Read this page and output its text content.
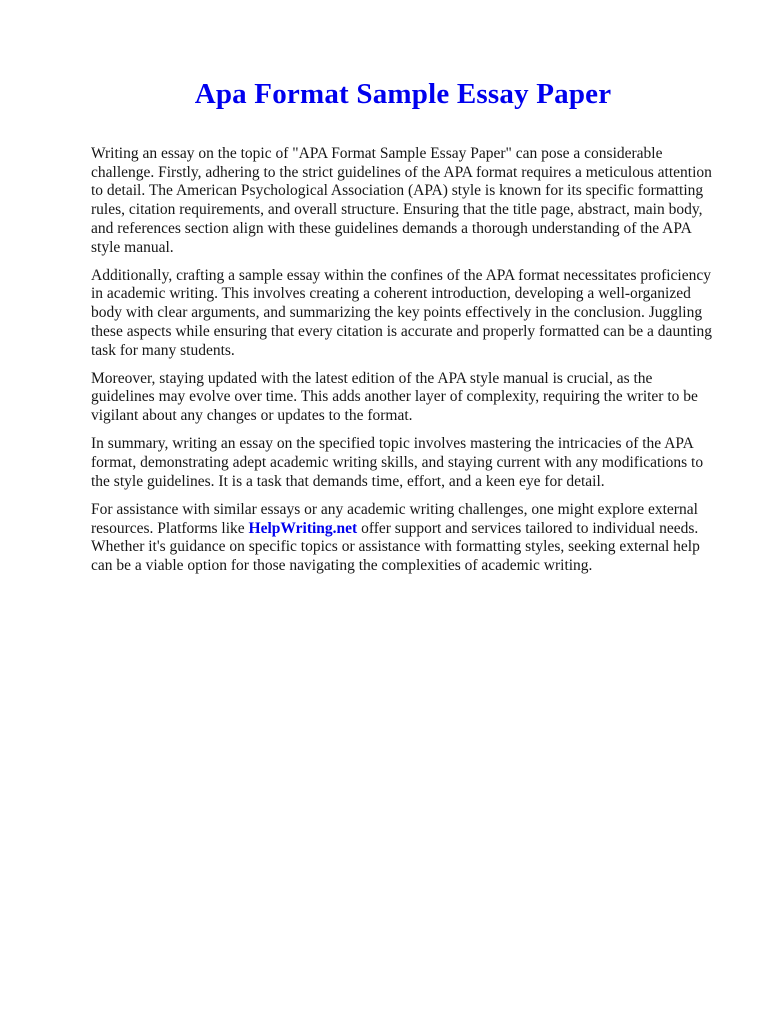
Apa Format Sample Essay Paper

Writing an essay on the topic of "APA Format Sample Essay Paper" can pose a considerable challenge. Firstly, adhering to the strict guidelines of the APA format requires a meticulous attention to detail. The American Psychological Association (APA) style is known for its specific formatting rules, citation requirements, and overall structure. Ensuring that the title page, abstract, main body, and references section align with these guidelines demands a thorough understanding of the APA style manual.

Additionally, crafting a sample essay within the confines of the APA format necessitates proficiency in academic writing. This involves creating a coherent introduction, developing a well-organized body with clear arguments, and summarizing the key points effectively in the conclusion. Juggling these aspects while ensuring that every citation is accurate and properly formatted can be a daunting task for many students.

Moreover, staying updated with the latest edition of the APA style manual is crucial, as the guidelines may evolve over time. This adds another layer of complexity, requiring the writer to be vigilant about any changes or updates to the format.

In summary, writing an essay on the specified topic involves mastering the intricacies of the APA format, demonstrating adept academic writing skills, and staying current with any modifications to the style guidelines. It is a task that demands time, effort, and a keen eye for detail.

For assistance with similar essays or any academic writing challenges, one might explore external resources. Platforms like HelpWriting.net offer support and services tailored to individual needs. Whether it's guidance on specific topics or assistance with formatting styles, seeking external help can be a viable option for those navigating the complexities of academic writing.
